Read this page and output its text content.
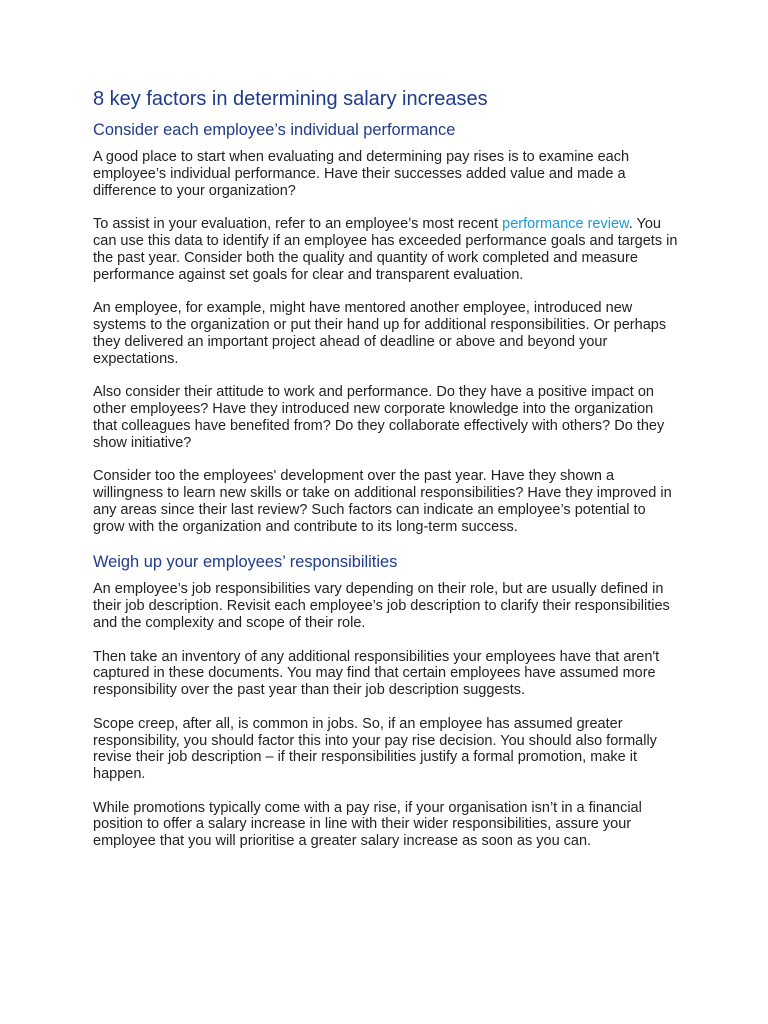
8 key factors in determining salary increases
Consider each employee’s individual performance

A good place to start when evaluating and determining pay rises is to examine each employee’s individual performance. Have their successes added value and made a difference to your organization?

To assist in your evaluation, refer to an employee’s most recent performance review. You can use this data to identify if an employee has exceeded performance goals and targets in the past year. Consider both the quality and quantity of work completed and measure performance against set goals for clear and transparent evaluation.

An employee, for example, might have mentored another employee, introduced new systems to the organization or put their hand up for additional responsibilities. Or perhaps they delivered an important project ahead of deadline or above and beyond your expectations.

Also consider their attitude to work and performance. Do they have a positive impact on other employees? Have they introduced new corporate knowledge into the organization that colleagues have benefited from? Do they collaborate effectively with others? Do they show initiative?

Consider too the employees' development over the past year. Have they shown a willingness to learn new skills or take on additional responsibilities? Have they improved in any areas since their last review? Such factors can indicate an employee’s potential to grow with the organization and contribute to its long-term success.

Weigh up your employees’ responsibilities

An employee’s job responsibilities vary depending on their role, but are usually defined in their job description. Revisit each employee’s job description to clarify their responsibilities and the complexity and scope of their role.

Then take an inventory of any additional responsibilities your employees have that aren't captured in these documents. You may find that certain employees have assumed more responsibility over the past year than their job description suggests.

Scope creep, after all, is common in jobs. So, if an employee has assumed greater responsibility, you should factor this into your pay rise decision. You should also formally revise their job description – if their responsibilities justify a formal promotion, make it happen.

While promotions typically come with a pay rise, if your organisation isn’t in a financial position to offer a salary increase in line with their wider responsibilities, assure your employee that you will prioritise a greater salary increase as soon as you can.
